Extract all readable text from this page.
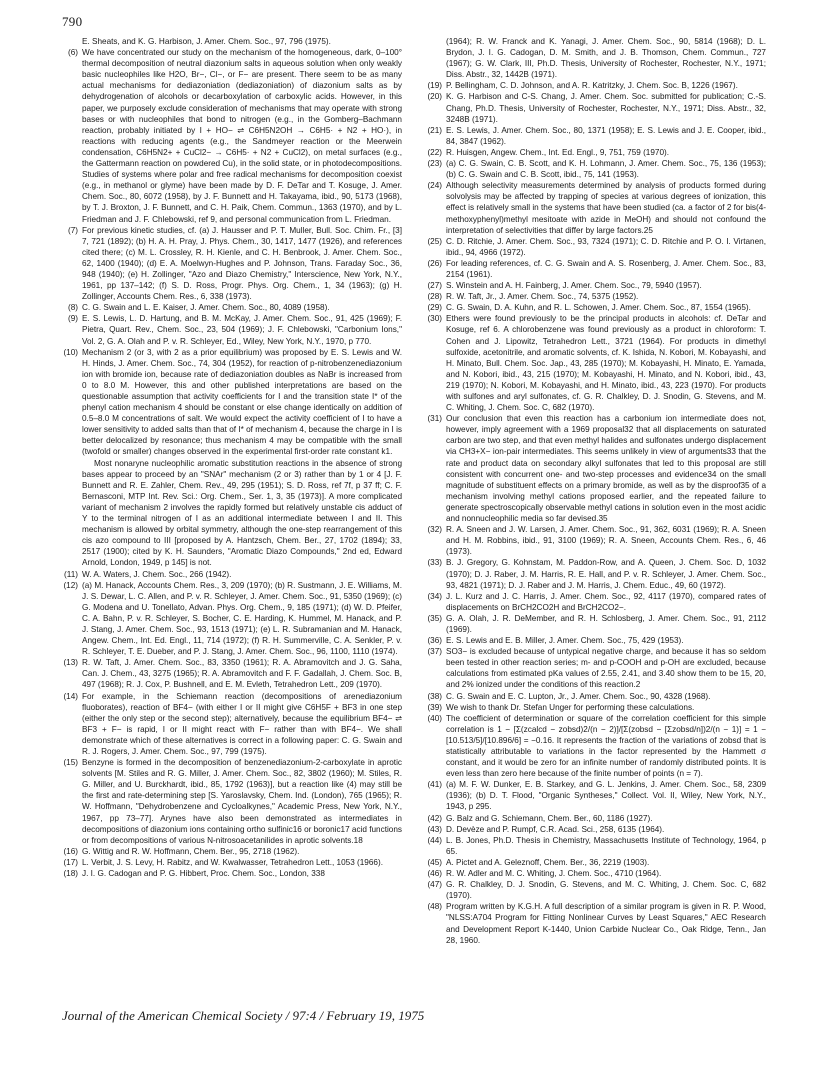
790
E. Sheats, and K. G. Harbison, J. Amer. Chem. Soc., 97, 796 (1975).
(6) We have concentrated our study on the mechanism of the homogeneous, dark, 0–100° thermal decomposition of neutral diazonium salts in aqueous solution when only weakly basic nucleophiles like H2O, Br−, Cl−, or F− are present. There seem to be as many actual mechanisms for dediazoniation (dediazoniation) of diazonium salts as by dehydrogenation of alcohols or decarboxylation of carboxylic acids. However, in this paper, we purposely exclude consideration of mechanisms that may operate with strong bases or with nucleophiles that bond to nitrogen (e.g., in the Gomberg–Bachmann reaction, probably initiated by I + HO− ⇌ C6H5N2OH → C6H5· + N2 + HO·), in reactions with reducing agents (e.g., the Sandmeyer reaction or the Meerwein condensation, C6H5N2+ + CuCl2− → C6H5· + N2 + CuCl2), on metal surfaces (e.g., the Gattermann reaction on powdered Cu), in the solid state, or in photodecompositions. Studies of systems where polar and free radical mechanisms for decomposition coexist (e.g., in methanol or glyme) have been made by D. F. DeTar and T. Kosuge, J. Amer. Chem. Soc., 80, 6072 (1958), by J. F. Bunnett and H. Takayama, ibid., 90, 5173 (1968), by T. J. Broxton, J. F. Bunnett, and C. H. Paik, Chem. Commun., 1363 (1970), and by L. Friedman and J. F. Chlebowski, ref 9, and personal communication from L. Friedman.
(7) For previous kinetic studies, cf. (a) J. Hausser and P. T. Muller, Bull. Soc. Chim. Fr., [3] 7, 721 (1892); (b) H. A. H. Pray, J. Phys. Chem., 30, 1417, 1477 (1926), and references cited there; (c) M. L. Crossley, R. H. Kienle, and C. H. Benbrook, J. Amer. Chem. Soc., 62, 1400 (1940); (d) E. A. Moelwyn-Hughes and P. Johnson, Trans. Faraday Soc., 36, 948 (1940); (e) H. Zollinger, "Azo and Diazo Chemistry," Interscience, New York, N.Y., 1961, pp 137–142; (f) S. D. Ross, Progr. Phys. Org. Chem., 1, 34 (1963); (g) H. Zollinger, Accounts Chem. Res., 6, 338 (1973).
(8) C. G. Swain and L. E. Kaiser, J. Amer. Chem. Soc., 80, 4089 (1958).
(9) E. S. Lewis, L. D. Hartung, and B. M. McKay, J. Amer. Chem. Soc., 91, 425 (1969); F. Pietra, Quart. Rev., Chem. Soc., 23, 504 (1969); J. F. Chlebowski, "Carbonium Ions," Vol. 2, G. A. Olah and P. v. R. Schleyer, Ed., Wiley, New York, N.Y., 1970, p 770.
(10) Mechanism 2 (or 3, with 2 as a prior equilibrium) was proposed by E. S. Lewis and W. H. Hinds, J. Amer. Chem. Soc., 74, 304 (1952), for reaction of p-nitrobenzenediazonium ion with bromide ion, because rate of dediazoniation doubles as NaBr is increased from 0 to 8.0 M. However, this and other published interpretations are based on the questionable assumption that activity coefficients for I and the transition state I* of the phenyl cation mechanism 4 should be constant or else change identically on addition of 0.5–8.0 M concentrations of salt. We would expect the activity coefficient of I to have a lower sensitivity to added salts than that of I* of mechanism 4, because the charge in I is better delocalized by resonance; thus mechanism 4 may be compatible with the small (twofold or smaller) changes observed in the experimental first-order rate constant k1.

Most nonaryne nucleophilic aromatic substitution reactions in the absence of strong bases appear to proceed by an "SNAr" mechanism (2 or 3) rather than by 1 or 4 [J. F. Bunnett and R. E. Zahler, Chem. Rev., 49, 295 (1951); S. D. Ross, ref 7f, p 37 ff; C. F. Bernasconi, MTP Int. Rev. Sci.: Org. Chem., Ser. 1, 3, 35 (1973)]. A more complicated variant of mechanism 2 involves the rapidly formed but relatively unstable cis adduct of Y to the terminal nitrogen of I as an additional intermediate between I and II. This mechanism is allowed by orbital symmetry, although the one-step rearrangement of this cis azo compound to III [proposed by A. Hantzsch, Chem. Ber., 27, 1702 (1894); 33, 2517 (1900); cited by K. H. Saunders, "Aromatic Diazo Compounds," 2nd ed, Edward Arnold, London, 1949, p 145] is not.

(11) W. A. Waters, J. Chem. Soc., 266 (1942).
(12) (a) M. Hanack, Accounts Chem. Res., 3, 209 (1970); (b) R. Sustmann, J. E. Williams, M. J. S. Dewar, L. C. Allen, and P. v. R. Schleyer, J. Amer. Chem. Soc., 91, 5350 (1969); (c) G. Modena and U. Tonellato, Advan. Phys. Org. Chem., 9, 185 (1971); (d) W. D. Pfeifer, C. A. Bahn, P. v. R. Schleyer, S. Bocher, C. E. Harding, K. Hummel, M. Hanack, and P. J. Stang, J. Amer. Chem. Soc., 93, 1513 (1971); (e) L. R. Subramanian and M. Hanack, Angew. Chem., Int. Ed. Engl., 11, 714 (1972); (f) R. H. Summerville, C. A. Senkler, P. v. R. Schleyer, T. E. Dueber, and P. J. Stang, J. Amer. Chem. Soc., 96, 1100, 1110 (1974).
(13) R. W. Taft, J. Amer. Chem. Soc., 83, 3350 (1961); R. A. Abramovitch and J. G. Saha, Can. J. Chem., 43, 3275 (1965); R. A. Abramovitch and F. F. Gadallah, J. Chem. Soc. B, 497 (1968); R. J. Cox, P. Bushnell, and E. M. Evleth, Tetrahedron Lett., 209 (1970).
(14) For example, in the Schiemann reaction (decompositions of arenediazonium fluoborates), reaction of BF4− (with either I or II might give C6H5F + BF3 in one step (either the only step or the second step); alternatively, because the equilibrium BF4− ⇌ BF3 + F− is rapid, I or II might react with F− rather than with BF4−. We shall demonstrate which of these alternatives is correct in a following paper: C. G. Swain and R. J. Rogers, J. Amer. Chem. Soc., 97, 799 (1975).
(15) Benzyne is formed in the decomposition of benzenediazonium-2-carboxylate in aprotic solvents [M. Stiles and R. G. Miller, J. Amer. Chem. Soc., 82, 3802 (1960); M. Stiles, R. G. Miller, and U. Burckhardt, ibid., 85, 1792 (1963)], but a reaction like (4) may still be the first and rate-determining step [S. Yaroslavsky, Chem. Ind. (London), 765 (1965); R. W. Hoffmann, "Dehydrobenzene and Cycloalkynes," Academic Press, New York, N.Y., 1967, pp 73–77]. Arynes have also been demonstrated as intermediates in decompositions of diazonium ions containing ortho sulfinic16 or boronic17 acid functions or from decompositions of various N-nitrosoacetanilides in aprotic solvents.18
(16) G. Wittig and R. W. Hoffmann, Chem. Ber., 95, 2718 (1962).
(17) L. Verbit, J. S. Levy, H. Rabitz, and W. Kwalwasser, Tetrahedron Lett., 1053 (1966).
(18) J. I. G. Cadogan and P. G. Hibbert, Proc. Chem. Soc., London, 338
(1964); R. W. Franck and K. Yanagi, J. Amer. Chem. Soc., 90, 5814 (1968); D. L. Brydon, J. I. G. Cadogan, D. M. Smith, and J. B. Thomson, Chem. Commun., 727 (1967); G. W. Clark, III, Ph.D. Thesis, University of Rochester, Rochester, N.Y., 1971; Diss. Abstr., 32, 1442B (1971).
(19) P. Bellingham, C. D. Johnson, and A. R. Katritzky, J. Chem. Soc. B, 1226 (1967).
(20) K. G. Harbison and C-S. Chang, J. Amer. Chem. Soc. submitted for publication; C.-S. Chang, Ph.D. Thesis, University of Rochester, Rochester, N.Y., 1971; Diss. Abstr., 32, 3248B (1971).
(21) E. S. Lewis, J. Amer. Chem. Soc., 80, 1371 (1958); E. S. Lewis and J. E. Cooper, ibid., 84, 3847 (1962).
(22) R. Huisgen, Angew. Chem., Int. Ed. Engl., 9, 751, 759 (1970).
(23) (a) C. G. Swain, C. B. Scott, and K. H. Lohmann, J. Amer. Chem. Soc., 75, 136 (1953); (b) C. G. Swain and C. B. Scott, ibid., 75, 141 (1953).
(24) Although selectivity measurements determined by analysis of products formed during solvolysis may be affected by trapping of species at various degrees of ionization, this effect is relatively small in the systems that have been studied (ca. a factor of 2 for bis(4-methoxyphenyl)methyl mesitoate with azide in MeOH) and should not confound the interpretation of selectivities that differ by large factors.25
(25) C. D. Ritchie, J. Amer. Chem. Soc., 93, 7324 (1971); C. D. Ritchie and P. O. I. Virtanen, ibid., 94, 4966 (1972).
(26) For leading references, cf. C. G. Swain and A. S. Rosenberg, J. Amer. Chem. Soc., 83, 2154 (1961).
(27) S. Winstein and A. H. Fainberg, J. Amer. Chem. Soc., 79, 5940 (1957).
(28) R. W. Taft, Jr., J. Amer. Chem. Soc., 74, 5375 (1952).
(29) C. G. Swain, D. A. Kuhn, and R. L. Schowen, J. Amer. Chem. Soc., 87, 1554 (1965).
(30) Ethers were found previously to be the principal products in alcohols: cf. DeTar and Kosuge, ref 6. A chlorobenzene was found previously as a product in chloroform: T. Cohen and J. Lipowitz, Tetrahedron Lett., 3721 (1964). For products in dimethyl sulfoxide, acetonitrile, and aromatic solvents, cf. K. Ishida, N. Kobori, M. Kobayashi, and H. Minato, Bull. Chem. Soc. Jap., 43, 285 (1970); M. Kobayashi, H. Minato, E. Yamada, and N. Kobori, ibid., 43, 215 (1970); M. Kobayashi, H. Minato, and N. Kobori, ibid., 43, 219 (1970); N. Kobori, M. Kobayashi, and H. Minato, ibid., 43, 223 (1970). For products with sulfones and aryl sulfonates, cf. G. R. Chalkley, D. J. Snodin, G. Stevens, and M. C. Whiting, J. Chem. Soc. C, 682 (1970).
(31) Our conclusion that even this reaction has a carbonium ion intermediate does not, however, imply agreement with a 1969 proposal32 that all displacements on saturated carbon are two step, and that even methyl halides and sulfonates undergo displacement via CH3+X− ion-pair intermediates. This seems unlikely in view of arguments33 that the rate and product data on secondary alkyl sulfonates that led to this proposal are still consistent with concurrent one- and two-step processes and evidence34 on the small magnitude of substituent effects on a primary bromide, as well as by the disproof35 of a mechanism involving methyl cations proposed earlier, and the repeated failure to generate spectroscopically observable methyl cations in solution even in the most acidic and nonnucleophilic media so far devised.35
(32) R. A. Sneen and J. W. Larsen, J. Amer. Chem. Soc., 91, 362, 6031 (1969); R. A. Sneen and H. M. Robbins, ibid., 91, 3100 (1969); R. A. Sneen, Accounts Chem. Res., 6, 46 (1973).
(33) B. J. Gregory, G. Kohnstam, M. Paddon-Row, and A. Queen, J. Chem. Soc. D, 1032 (1970); D. J. Raber, J. M. Harris, R. E. Hall, and P. v. R. Schleyer, J. Amer. Chem. Soc., 93, 4821 (1971); D. J. Raber and J. M. Harris, J. Chem. Educ., 49, 60 (1972).
(34) J. L. Kurz and J. C. Harris, J. Amer. Chem. Soc., 92, 4117 (1970), compared rates of displacements on BrCH2CO2H and BrCH2CO2−.
(35) G. A. Olah, J. R. DeMember, and R. H. Schlosberg, J. Amer. Chem. Soc., 91, 2112 (1969).
(36) E. S. Lewis and E. B. Miller, J. Amer. Chem. Soc., 75, 429 (1953).
(37) SO3− is excluded because of untypical negative charge, and because it has so seldom been tested in other reaction series; m- and p-COOH and p-OH are excluded, because calculations from estimated pKa values of 2.55, 2.41, and 3.40 show them to be 15, 20, and 2% ionized under the conditions of this reaction.2
(38) C. G. Swain and E. C. Lupton, Jr., J. Amer. Chem. Soc., 90, 4328 (1968).
(39) We wish to thank Dr. Stefan Unger for performing these calculations.
(40) The coefficient of determination or square of the correlation coefficient for this simple correlation is 1 − [Σ(zcalcd − zobsd)2/(n − 2)]/[Σ(zobsd − [Σzobsd/n])2/(n − 1)] = 1 − [10.513/5]/[10.896/6] = −0.16. It represents the fraction of the variations of zobsd that is statistically attributable to variations in the factor represented by the Hammett σ constant, and it would be zero for an infinite number of randomly distributed points. It is even less than zero here because of the finite number of points (n = 7).
(41) (a) M. F. W. Dunker, E. B. Starkey, and G. L. Jenkins, J. Amer. Chem. Soc., 58, 2309 (1936); (b) D. T. Flood, "Organic Syntheses," Collect. Vol. II, Wiley, New York, N.Y., 1943, p 295.
(42) G. Balz and G. Schiemann, Chem. Ber., 60, 1186 (1927).
(43) D. Devèze and P. Rumpf, C.R. Acad. Sci., 258, 6135 (1964).
(44) L. B. Jones, Ph.D. Thesis in Chemistry, Massachusetts Institute of Technology, 1964, p 65.
(45) A. Pictet and A. Geleznoff, Chem. Ber., 36, 2219 (1903).
(46) R. W. Adler and M. C. Whiting, J. Chem. Soc., 4710 (1964).
(47) G. R. Chalkley, D. J. Snodin, G. Stevens, and M. C. Whiting, J. Chem. Soc. C, 682 (1970).
(48) Program written by K.G.H. A full description of a similar program is given in R. P. Wood, "NLSS:A704 Program for Fitting Nonlinear Curves by Least Squares," AEC Research and Development Report K-1440, Union Carbide Nuclear Co., Oak Ridge, Tenn., Jan 28, 1960.
Journal of the American Chemical Society / 97:4 / February 19, 1975
